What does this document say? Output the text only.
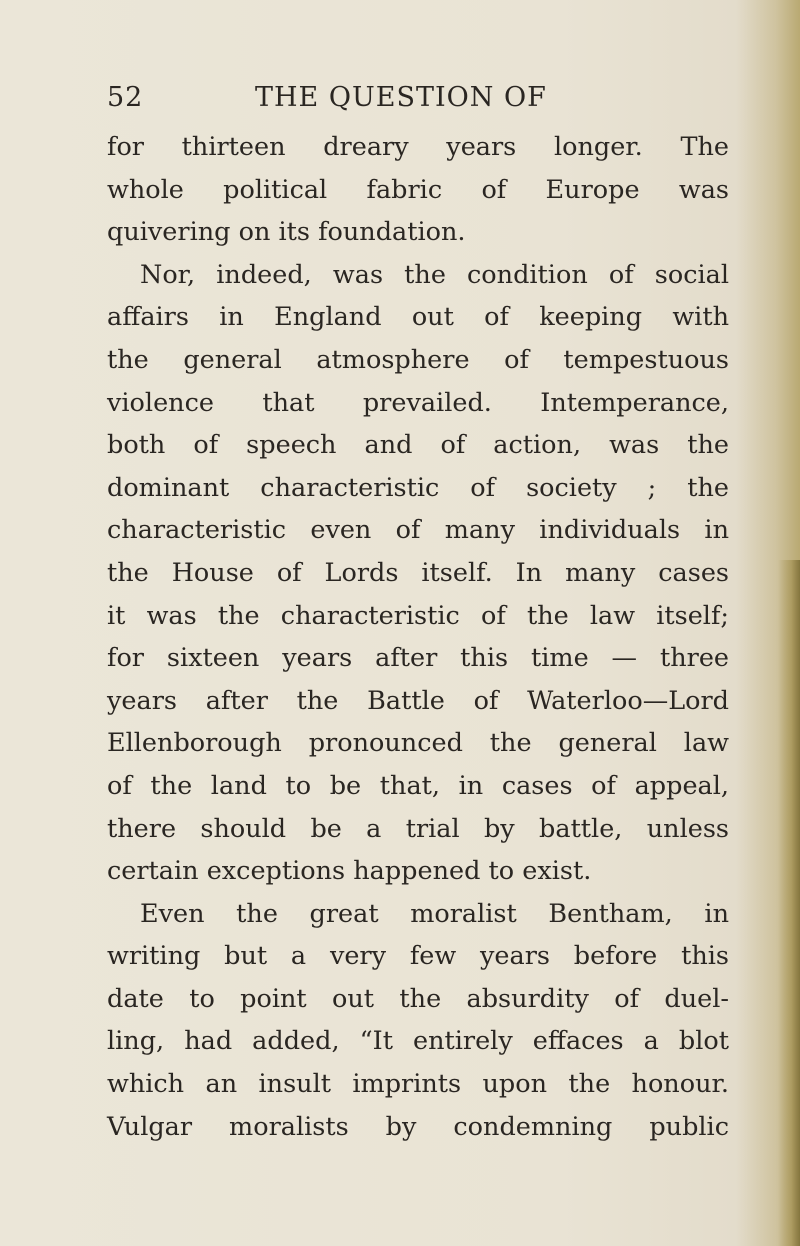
52	THE QUESTION OF
for thirteen dreary years longer. The
whole political fabric of Europe was
quivering on its foundation.
Nor, indeed, was the condition of social
affairs in England out of keeping with
the general atmosphere of tempestuous
violence that prevailed. Intemperance,
both of speech and of action, was the
dominant characteristic of society ; the
characteristic even of many individuals in
the House of Lords itself. In many cases
it was the characteristic of the law itself;
for sixteen years after this time — three
years after the Battle of Waterloo—Lord
Ellenborough pronounced the general law
of the land to be that, in cases of appeal,
there should be a trial by battle, unless
certain exceptions happened to exist.
Even the great moralist Bentham, in
writing but a very few years before this
date to point out the absurdity of duel-
ling, had added, “It entirely effaces a blot
which an insult imprints upon the honour.
Vulgar moralists by condemning public
